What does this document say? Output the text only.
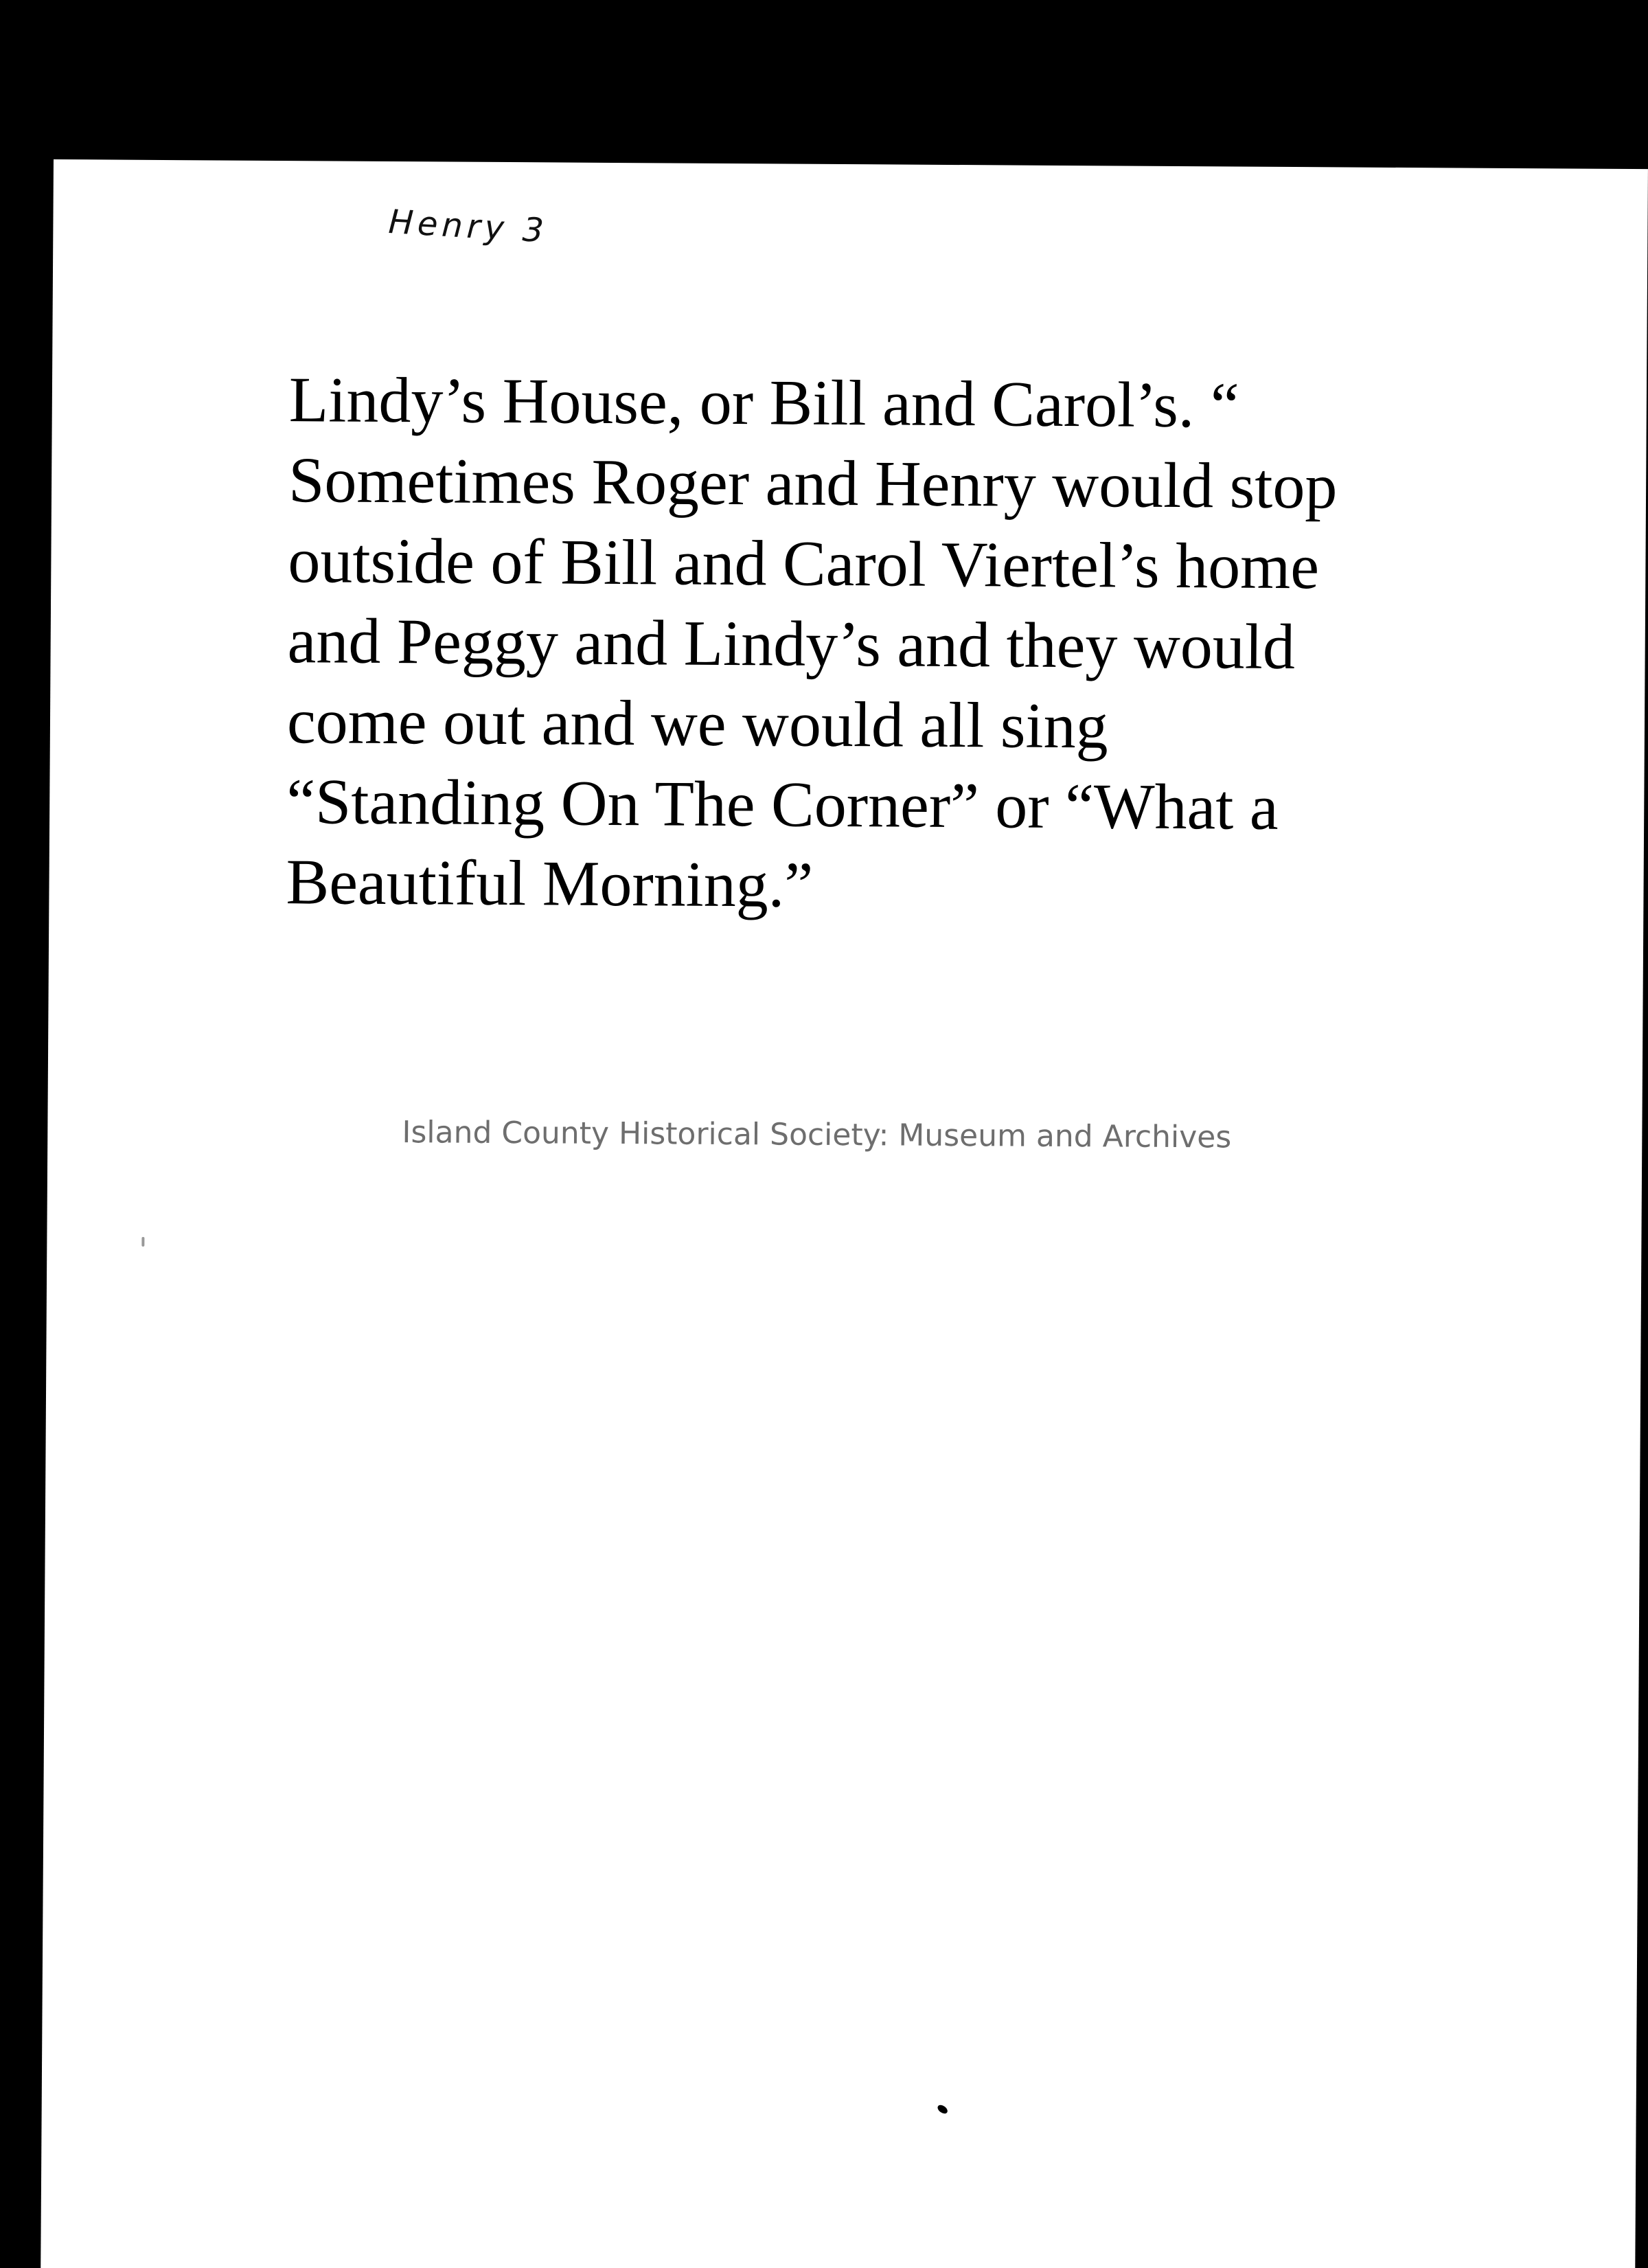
Henry 3

Lindy’s House, or Bill and Carol’s. “
Sometimes Roger and Henry would stop
outside of Bill and Carol Viertel’s home
and Peggy and Lindy’s and they would
come out and we would all sing
“Standing On The Corner” or “What a
Beautiful Morning.”

Island County Historical Society: Museum and Archives
